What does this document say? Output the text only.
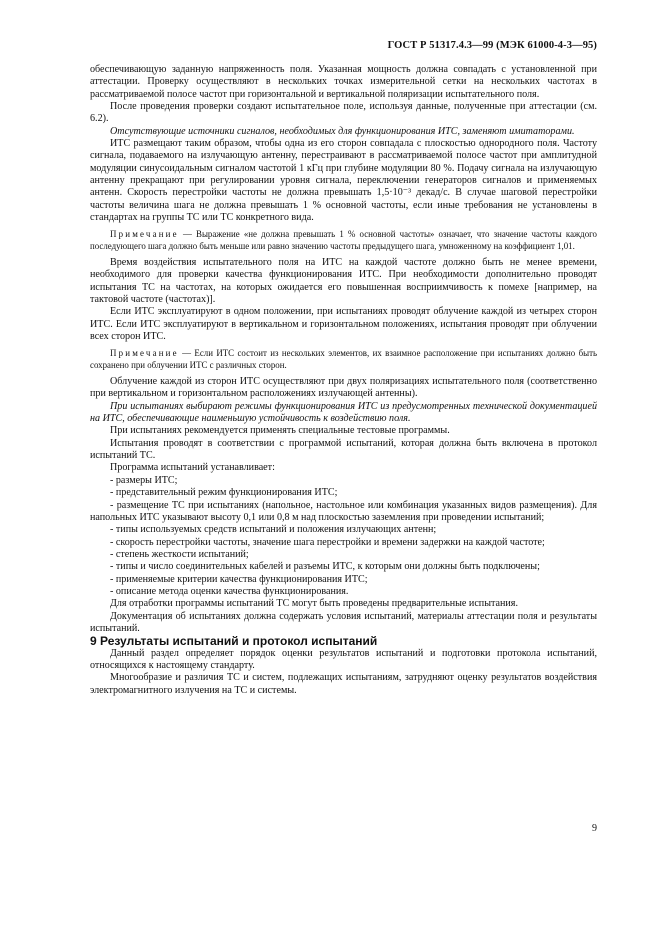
ГОСТ Р 51317.4.3—99 (МЭК 61000-4-3—95)

обеспечивающую заданную напряженность поля. Указанная мощность должна совпадать с установленной при аттестации. Проверку осуществляют в нескольких точках измерительной сетки на нескольких частотах в рассматриваемой полосе частот при горизонтальной и вертикальной поляризации испытательного поля.

После проведения проверки создают испытательное поле, используя данные, полученные при аттестации (см. 6.2).

Отсутствующие источники сигналов, необходимых для функционирования ИТС, заменяют имитаторами.

ИТС размещают таким образом, чтобы одна из его сторон совпадала с плоскостью однородного поля. Частоту сигнала, подаваемого на излучающую антенну, перестраивают в рассматриваемой полосе частот при амплитудной модуляции синусоидальным сигналом частотой 1 кГц при глубине модуляции 80 %. Подачу сигнала на излучающую антенну прекращают при регулировании уровня сигнала, переключении генераторов сигналов и применяемых антенн. Скорость перестройки частоты не должна превышать 1,5·10⁻³ декад/с. В случае шаговой перестройки частоты величина шага не должна превышать 1 % основной частоты, если иные требования не установлены в стандартах на группы ТС или ТС конкретного вида.

Примечание — Выражение «не должна превышать 1 % основной частоты» означает, что значение частоты каждого последующего шага должно быть меньше или равно значению частоты предыдущего шага, умноженному на коэффициент 1,01.

Время воздействия испытательного поля на ИТС на каждой частоте должно быть не менее времени, необходимого для проверки качества функционирования ИТС. При необходимости дополнительно проводят испытания ТС на частотах, на которых ожидается его повышенная восприимчивость к помехе [например, на тактовой частоте (частотах)].

Если ИТС эксплуатируют в одном положении, при испытаниях проводят облучение каждой из четырех сторон ИТС. Если ИТС эксплуатируют в вертикальном и горизонтальном положениях, испытания проводят при облучении всех сторон ИТС.

Примечание — Если ИТС состоит из нескольких элементов, их взаимное расположение при испытаниях должно быть сохранено при облучении ИТС с различных сторон.

Облучение каждой из сторон ИТС осуществляют при двух поляризациях испытательного поля (соответственно при вертикальном и горизонтальном расположениях излучающей антенны).

При испытаниях выбирают режимы функционирования ИТС из предусмотренных технической документацией на ИТС, обеспечивающие наименьшую устойчивость к воздействию поля.

При испытаниях рекомендуется применять специальные тестовые программы.

Испытания проводят в соответствии с программой испытаний, которая должна быть включена в протокол испытаний ТС.

Программа испытаний устанавливает:

- размеры ИТС;

- представительный режим функционирования ИТС;

- размещение ТС при испытаниях (напольное, настольное или комбинация указанных видов размещения). Для напольных ИТС указывают высоту 0,1 или 0,8 м над плоскостью заземления при проведении испытаний;

- типы используемых средств испытаний и положения излучающих антенн;

- скорость перестройки частоты, значение шага перестройки и времени задержки на каждой частоте;

- степень жесткости испытаний;

- типы и число соединительных кабелей и разъемы ИТС, к которым они должны быть подключены;

- применяемые критерии качества функционирования ИТС;

- описание метода оценки качества функционирования.

Для отработки программы испытаний ТС могут быть проведены предварительные испытания.

Документация об испытаниях должна содержать условия испытаний, материалы аттестации поля и результаты испытаний.

9 Результаты испытаний и протокол испытаний

Данный раздел определяет порядок оценки результатов испытаний и подготовки протокола испытаний, относящихся к настоящему стандарту.

Многообразие и различия ТС и систем, подлежащих испытаниям, затрудняют оценку результатов воздействия электромагнитного излучения на ТС и системы.

9
